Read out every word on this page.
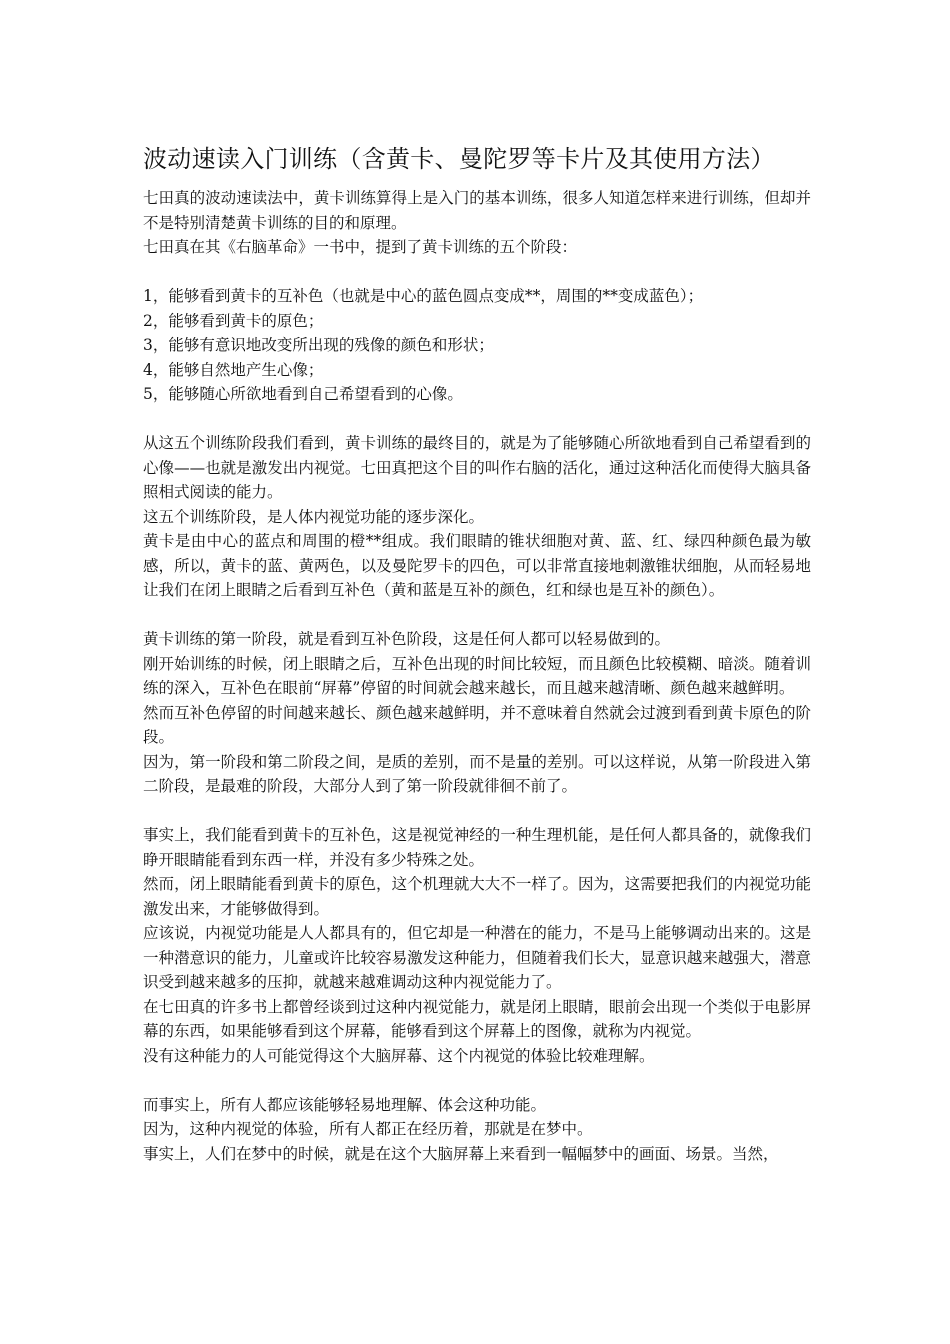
波动速读入门训练（含黄卡、曼陀罗等卡片及其使用方法）

七田真的波动速读法中，黄卡训练算得上是入门的基本训练，很多人知道怎样来进行训练，但却并不是特别清楚黄卡训练的目的和原理。

七田真在其《右脑革命》一书中，提到了黄卡训练的五个阶段：

1，能够看到黄卡的互补色（也就是中心的蓝色圆点变成**，周围的**变成蓝色）；

2，能够看到黄卡的原色；

3，能够有意识地改变所出现的残像的颜色和形状；

4，能够自然地产生心像；

5，能够随心所欲地看到自己希望看到的心像。

从这五个训练阶段我们看到，黄卡训练的最终目的，就是为了能够随心所欲地看到自己希望看到的心像——也就是激发出内视觉。七田真把这个目的叫作右脑的活化，通过这种活化而使得大脑具备照相式阅读的能力。

这五个训练阶段，是人体内视觉功能的逐步深化。

黄卡是由中心的蓝点和周围的橙**组成。我们眼睛的锥状细胞对黄、蓝、红、绿四种颜色最为敏感，所以，黄卡的蓝、黄两色，以及曼陀罗卡的四色，可以非常直接地刺激锥状细胞，从而轻易地让我们在闭上眼睛之后看到互补色（黄和蓝是互补的颜色，红和绿也是互补的颜色）。

黄卡训练的第一阶段，就是看到互补色阶段，这是任何人都可以轻易做到的。

刚开始训练的时候，闭上眼睛之后，互补色出现的时间比较短，而且颜色比较模糊、暗淡。随着训练的深入，互补色在眼前“屏幕”停留的时间就会越来越长，而且越来越清晰、颜色越来越鲜明。

然而互补色停留的时间越来越长、颜色越来越鲜明，并不意味着自然就会过渡到看到黄卡原色的阶段。

因为，第一阶段和第二阶段之间，是质的差别，而不是量的差别。可以这样说，从第一阶段进入第二阶段，是最难的阶段，大部分人到了第一阶段就徘徊不前了。

事实上，我们能看到黄卡的互补色，这是视觉神经的一种生理机能，是任何人都具备的，就像我们睁开眼睛能看到东西一样，并没有多少特殊之处。

然而，闭上眼睛能看到黄卡的原色，这个机理就大大不一样了。因为，这需要把我们的内视觉功能激发出来，才能够做得到。

应该说，内视觉功能是人人都具有的，但它却是一种潜在的能力，不是马上能够调动出来的。这是一种潜意识的能力，儿童或许比较容易激发这种能力，但随着我们长大，显意识越来越强大，潜意识受到越来越多的压抑，就越来越难调动这种内视觉能力了。

在七田真的许多书上都曾经谈到过这种内视觉能力，就是闭上眼睛，眼前会出现一个类似于电影屏幕的东西，如果能够看到这个屏幕，能够看到这个屏幕上的图像，就称为内视觉。

没有这种能力的人可能觉得这个大脑屏幕、这个内视觉的体验比较难理解。

而事实上，所有人都应该能够轻易地理解、体会这种功能。

因为，这种内视觉的体验，所有人都正在经历着，那就是在梦中。

事实上，人们在梦中的时候，就是在这个大脑屏幕上来看到一幅幅梦中的画面、场景。当然，
